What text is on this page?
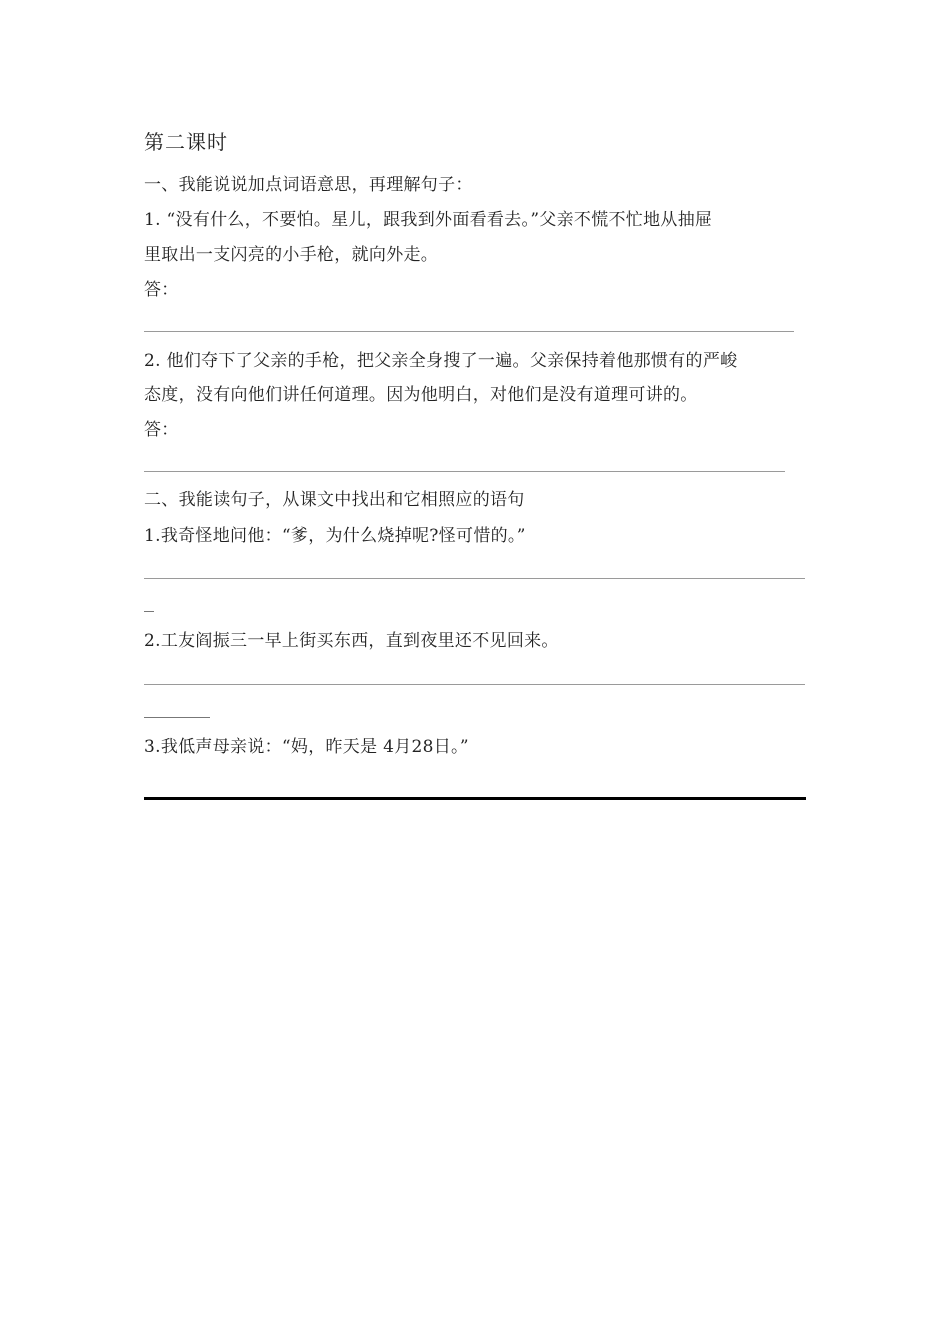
第二课时
一、我能说说加点词语意思，再理解句子：
1. “没有什么，不要怕。星儿，跟我到外面看看去。”父亲不慌不忙地从抽屉
里取出一支闪亮的小手枪，就向外走。
答：
2. 他们夺下了父亲的手枪，把父亲全身搜了一遍。父亲保持着他那惯有的严峻
态度，没有向他们讲任何道理。因为他明白，对他们是没有道理可讲的。
答：
二、我能读句子，从课文中找出和它相照应的语句
1.我奇怪地问他：“爹，为什么烧掉呢?怪可惜的。”
2.工友阎振三一早上街买东西，直到夜里还不见回来。
3.我低声母亲说：“妈，昨天是 4月28日。”
